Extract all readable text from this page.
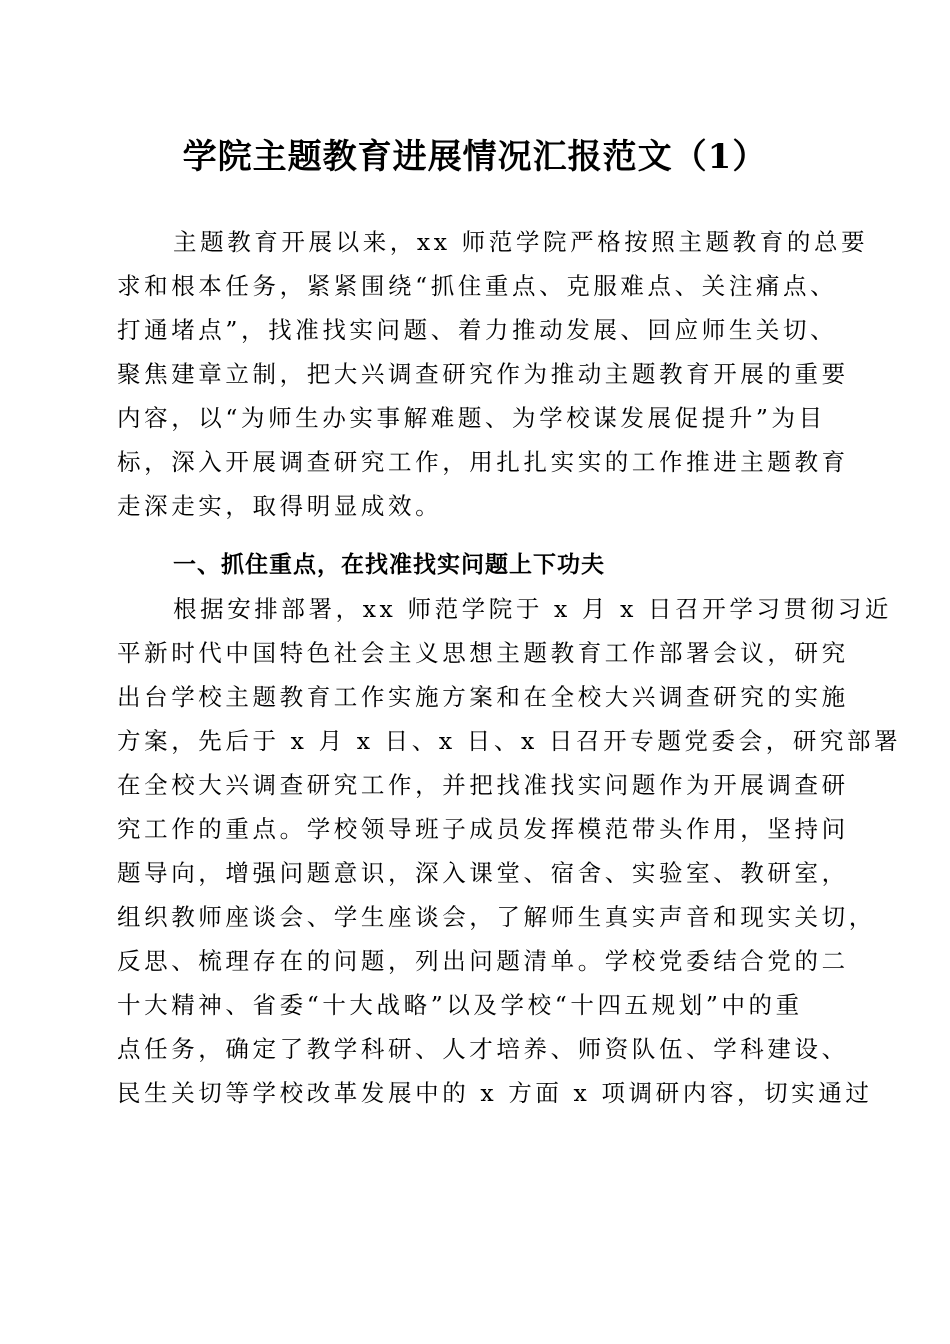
学院主题教育进展情况汇报范文（1）
主题教育开展以来，xx 师范学院严格按照主题教育的总要
求和根本任务，紧紧围绕“抓住重点、克服难点、关注痛点、
打通堵点”，找准找实问题、着力推动发展、回应师生关切、
聚焦建章立制，把大兴调查研究作为推动主题教育开展的重要
内容，以“为师生办实事解难题、为学校谋发展促提升”为目
标，深入开展调查研究工作，用扎扎实实的工作推进主题教育
走深走实，取得明显成效。
一、抓住重点，在找准找实问题上下功夫
根据安排部署，xx 师范学院于 x 月 x 日召开学习贯彻习近
平新时代中国特色社会主义思想主题教育工作部署会议，研究
出台学校主题教育工作实施方案和在全校大兴调查研究的实施
方案，先后于 x 月 x 日、x 日、x 日召开专题党委会，研究部署
在全校大兴调查研究工作，并把找准找实问题作为开展调查研
究工作的重点。学校领导班子成员发挥模范带头作用，坚持问
题导向，增强问题意识，深入课堂、宿舍、实验室、教研室，
组织教师座谈会、学生座谈会，了解师生真实声音和现实关切，
反思、梳理存在的问题，列出问题清单。学校党委结合党的二
十大精神、省委“十大战略”以及学校“十四五规划”中的重
点任务，确定了教学科研、人才培养、师资队伍、学科建设、
民生关切等学校改革发展中的 x 方面 x 项调研内容，切实通过
